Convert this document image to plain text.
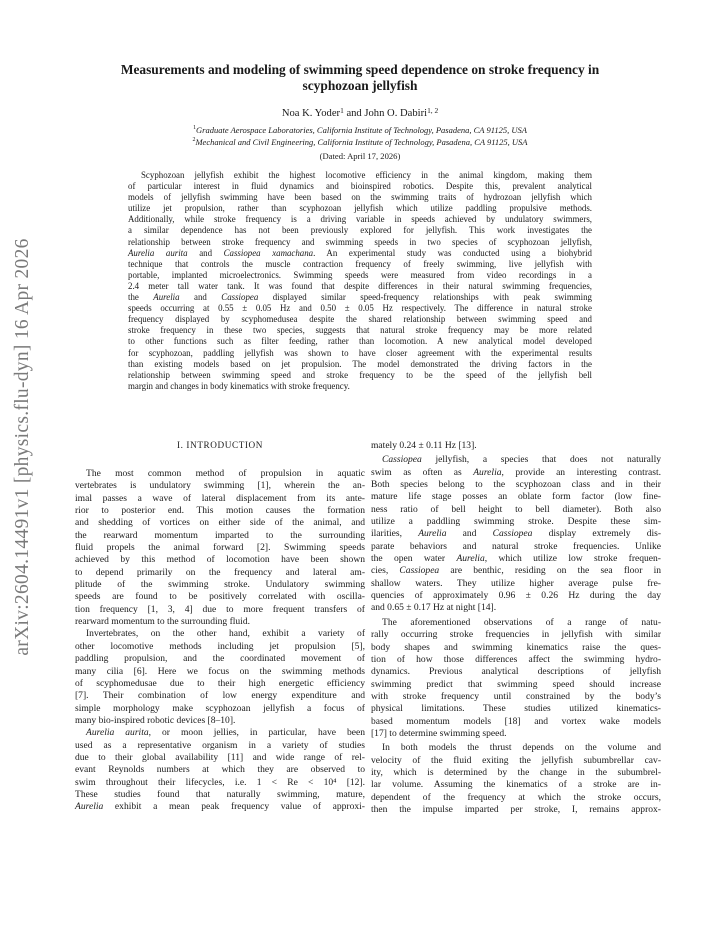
arXiv:2604.14491v1 [physics.flu-dyn] 16 Apr 2026
Measurements and modeling of swimming speed dependence on stroke frequency in
scyphozoan jellyfish
Noa K. Yoder$^1$ and John O. Dabiri$^{1, 2}$
$^1$Graduate Aerospace Laboratories, California Institute of Technology, Pasadena, CA 91125, USA
$^2$Mechanical and Civil Engineering, California Institute of Technology, Pasadena, CA 91125, USA
(Dated: April 17, 2026)
Scyphozoan jellyfish exhibit the highest locomotive efficiency in the animal kingdom, making them
of particular interest in fluid dynamics and bioinspired robotics. Despite this, prevalent analytical
models of jellyfish swimming have been based on the swimming traits of hydrozoan jellyfish which
utilize jet propulsion, rather than scyphozoan jellyfish which utilize paddling propulsive methods.
Additionally, while stroke frequency is a driving variable in speeds achieved by undulatory swimmers,
a similar dependence has not been previously explored for jellyfish. This work investigates the
relationship between stroke frequency and swimming speeds in two species of scyphozoan jellyfish,
Aurelia aurita and Cassiopea xamachana. An experimental study was conducted using a biohybrid
technique that controls the muscle contraction frequency of freely swimming, live jellyfish with
portable, implanted microelectronics. Swimming speeds were measured from video recordings in a
2.4 meter tall water tank. It was found that despite differences in their natural swimming frequencies,
the Aurelia and Cassiopea displayed similar speed-frequency relationships with peak swimming
speeds occurring at 0.55 ± 0.05 Hz and 0.50 ± 0.05 Hz respectively. The difference in natural stroke
frequency displayed by scyphomedusea despite the shared relationship between swimming speed and
stroke frequency in these two species, suggests that natural stroke frequency may be more related
to other functions such as filter feeding, rather than locomotion. A new analytical model developed
for scyphozoan, paddling jellyfish was shown to have closer agreement with the experimental results
than existing models based on jet propulsion. The model demonstrated the driving factors in the
relationship between swimming speed and stroke frequency to be the speed of the jellyfish bell
margin and changes in body kinematics with stroke frequency.
I. INTRODUCTION
The most common method of propulsion in aquatic
vertebrates is undulatory swimming [1], wherein the an-
imal passes a wave of lateral displacement from its ante-
rior to posterior end. This motion causes the formation
and shedding of vortices on either side of the animal, and
the rearward momentum imparted to the surrounding
fluid propels the animal forward [2]. Swimming speeds
achieved by this method of locomotion have been shown
to depend primarily on the frequency and lateral am-
plitude of the swimming stroke. Undulatory swimming
speeds are found to be positively correlated with oscilla-
tion frequency [1, 3, 4] due to more frequent transfers of
rearward momentum to the surrounding fluid.
Invertebrates, on the other hand, exhibit a variety of
other locomotive methods including jet propulsion [5],
paddling propulsion, and the coordinated movement of
many cilia [6]. Here we focus on the swimming methods
of scyphomedusae due to their high energetic efficiency
[7]. Their combination of low energy expenditure and
simple morphology make scyphozoan jellyfish a focus of
many bio-inspired robotic devices [8–10].
Aurelia aurita, or moon jellies, in particular, have been
used as a representative organism in a variety of studies
due to their global availability [11] and wide range of rel-
evant Reynolds numbers at which they are observed to
swim throughout their lifecycles, i.e. 1 < Re < 10⁴ [12].
These studies found that naturally swimming, mature,
Aurelia exhibit a mean peak frequency value of approxi-
mately 0.24 ± 0.11 Hz [13].
Cassiopea jellyfish, a species that does not naturally
swim as often as Aurelia, provide an interesting contrast.
Both species belong to the scyphozoan class and in their
mature life stage posses an oblate form factor (low fine-
ness ratio of bell height to bell diameter). Both also
utilize a paddling swimming stroke. Despite these sim-
ilarities, Aurelia and Cassiopea display extremely dis-
parate behaviors and natural stroke frequencies. Unlike
the open water Aurelia, which utilize low stroke frequen-
cies, Cassiopea are benthic, residing on the sea floor in
shallow waters. They utilize higher average pulse fre-
quencies of approximately 0.96 ± 0.26 Hz during the day
and 0.65 ± 0.17 Hz at night [14].
The aforementioned observations of a range of natu-
rally occurring stroke frequencies in jellyfish with similar
body shapes and swimming kinematics raise the ques-
tion of how those differences affect the swimming hydro-
dynamics. Previous analytical descriptions of jellyfish
swimming predict that swimming speed should increase
with stroke frequency until constrained by the body’s
physical limitations. These studies utilized kinematics-
based momentum models [18] and vortex wake models
[17] to determine swimming speed.
In both models the thrust depends on the volume and
velocity of the fluid exiting the jellyfish subumbrellar cav-
ity, which is determined by the change in the subumbrel-
lar volume. Assuming the kinematics of a stroke are in-
dependent of the frequency at which the stroke occurs,
then the impulse imparted per stroke, I, remains approx-
